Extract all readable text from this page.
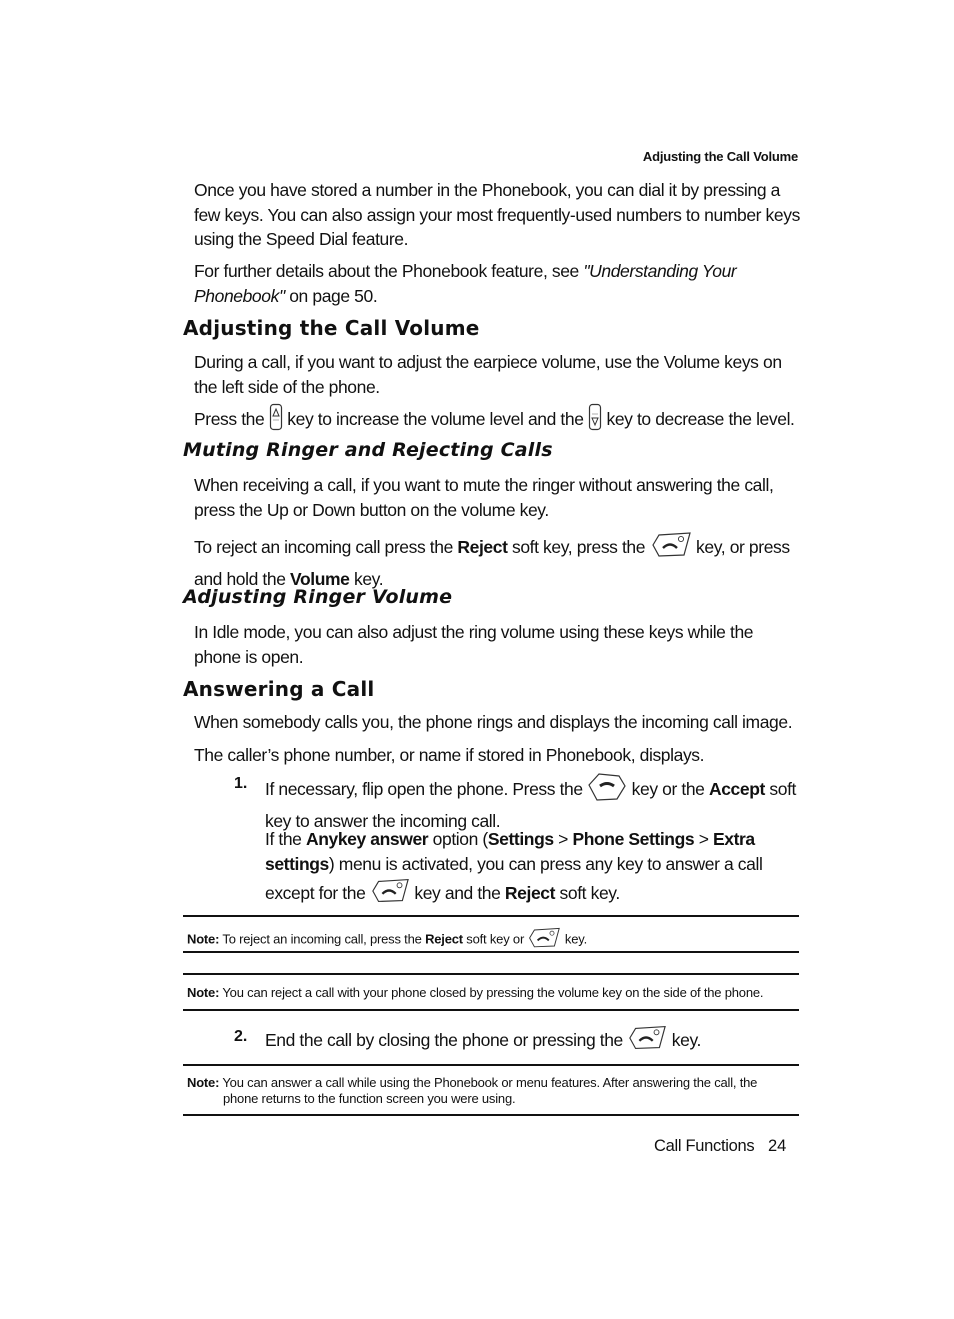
Adjusting the Call Volume
Once you have stored a number in the Phonebook, you can dial it by pressing a few keys. You can also assign your most frequently-used numbers to number keys using the Speed Dial feature.
For further details about the Phonebook feature, see "Understanding Your Phonebook" on page 50.
Adjusting the Call Volume
During a call, if you want to adjust the earpiece volume, use the Volume keys on the left side of the phone.
Press the  key to increase the volume level and the  key to decrease the level.
Muting Ringer and Rejecting Calls
When receiving a call, if you want to mute the ringer without answering the call, press the Up or Down button on the volume key.
To reject an incoming call press the Reject soft key, press the	key, or press and hold the Volume key.
Adjusting Ringer Volume
In Idle mode, you can also adjust the ring volume using these keys while the phone is open.
Answering a Call
When somebody calls you, the phone rings and displays the incoming call image.
The caller’s phone number, or name if stored in Phonebook, displays.
1. If necessary, flip open the phone. Press the	key or the Accept soft key to answer the incoming call.
If the Anykey answer option (Settings > Phone Settings > Extra settings) menu is activated, you can press any key to answer a call except for the	key and the Reject soft key.
Note: To reject an incoming call, press the Reject soft key or	key.
Note: You can reject a call with your phone closed by pressing the volume key on the side of the phone.
2. End the call by closing the phone or pressing the	key.
Note: You can answer a call while using the Phonebook or menu features. After answering the call, the
phone returns to the function screen you were using.
Call Functions 24
